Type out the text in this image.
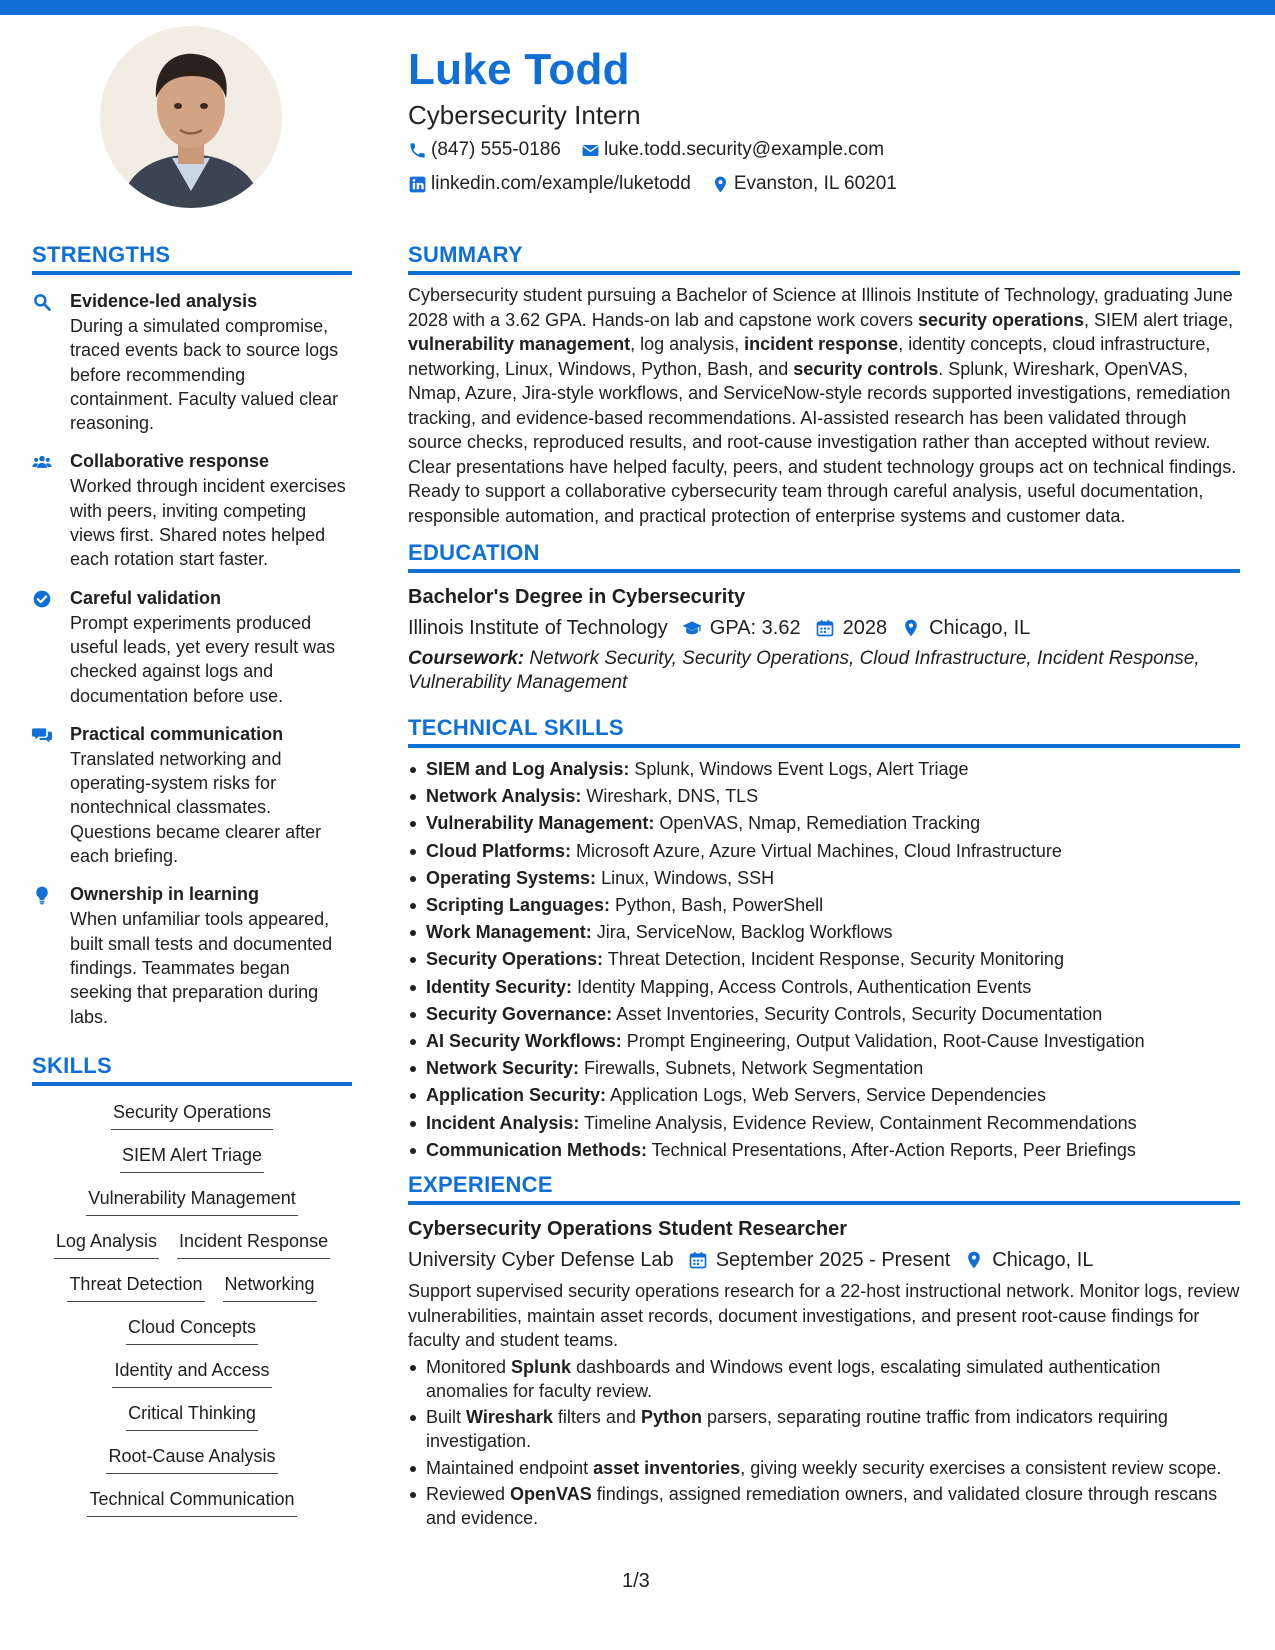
Luke Todd
Cybersecurity Intern
(847) 555-0186 luke.todd.security@example.com
linkedin.com/example/luketodd Evanston, IL 60201
STRENGTHS
Evidence-led analysis
During a simulated compromise, traced events back to source logs before recommending containment. Faculty valued clear reasoning.
Collaborative response
Worked through incident exercises with peers, inviting competing views first. Shared notes helped each rotation start faster.
Careful validation
Prompt experiments produced useful leads, yet every result was checked against logs and documentation before use.
Practical communication
Translated networking and operating-system risks for nontechnical classmates. Questions became clearer after each briefing.
Ownership in learning
When unfamiliar tools appeared, built small tests and documented findings. Teammates began seeking that preparation during labs.
SKILLS
Security Operations
SIEM Alert Triage
Vulnerability Management
Log Analysis Incident Response
Threat Detection Networking
Cloud Concepts
Identity and Access
Critical Thinking
Root-Cause Analysis
Technical Communication
SUMMARY

Cybersecurity student pursuing a Bachelor of Science at Illinois Institute of Technology, graduating June 2028 with a 3.62 GPA. Hands-on lab and capstone work covers security operations, SIEM alert triage, vulnerability management, log analysis, incident response, identity concepts, cloud infrastructure, networking, Linux, Windows, Python, Bash, and security controls. Splunk, Wireshark, OpenVAS, Nmap, Azure, Jira-style workflows, and ServiceNow-style records supported investigations, remediation tracking, and evidence-based recommendations. AI-assisted research has been validated through source checks, reproduced results, and root-cause investigation rather than accepted without review. Clear presentations have helped faculty, peers, and student technology groups act on technical findings. Ready to support a collaborative cybersecurity team through careful analysis, useful documentation, responsible automation, and practical protection of enterprise systems and customer data.

EDUCATION
Bachelor's Degree in Cybersecurity
Illinois Institute of Technology GPA: 3.62 2028 Chicago, IL
Coursework: Network Security, Security Operations, Cloud Infrastructure, Incident Response, Vulnerability Management
TECHNICAL SKILLS
SIEM and Log Analysis: Splunk, Windows Event Logs, Alert Triage
Network Analysis: Wireshark, DNS, TLS
Vulnerability Management: OpenVAS, Nmap, Remediation Tracking
Cloud Platforms: Microsoft Azure, Azure Virtual Machines, Cloud Infrastructure
Operating Systems: Linux, Windows, SSH
Scripting Languages: Python, Bash, PowerShell
Work Management: Jira, ServiceNow, Backlog Workflows
Security Operations: Threat Detection, Incident Response, Security Monitoring
Identity Security: Identity Mapping, Access Controls, Authentication Events
Security Governance: Asset Inventories, Security Controls, Security Documentation
AI Security Workflows: Prompt Engineering, Output Validation, Root-Cause Investigation
Network Security: Firewalls, Subnets, Network Segmentation
Application Security: Application Logs, Web Servers, Service Dependencies
Incident Analysis: Timeline Analysis, Evidence Review, Containment Recommendations
Communication Methods: Technical Presentations, After-Action Reports, Peer Briefings
EXPERIENCE
Cybersecurity Operations Student Researcher
University Cyber Defense Lab September 2025 - Present Chicago, IL

Support supervised security operations research for a 22-host instructional network. Monitor logs, review vulnerabilities, maintain asset records, document investigations, and present root-cause findings for faculty and student teams.

Monitored Splunk dashboards and Windows event logs, escalating simulated authentication anomalies for faculty review.
Built Wireshark filters and Python parsers, separating routine traffic from indicators requiring investigation.
Maintained endpoint asset inventories, giving weekly security exercises a consistent review scope.
Reviewed OpenVAS findings, assigned remediation owners, and validated closure through rescans and evidence.
1/3
